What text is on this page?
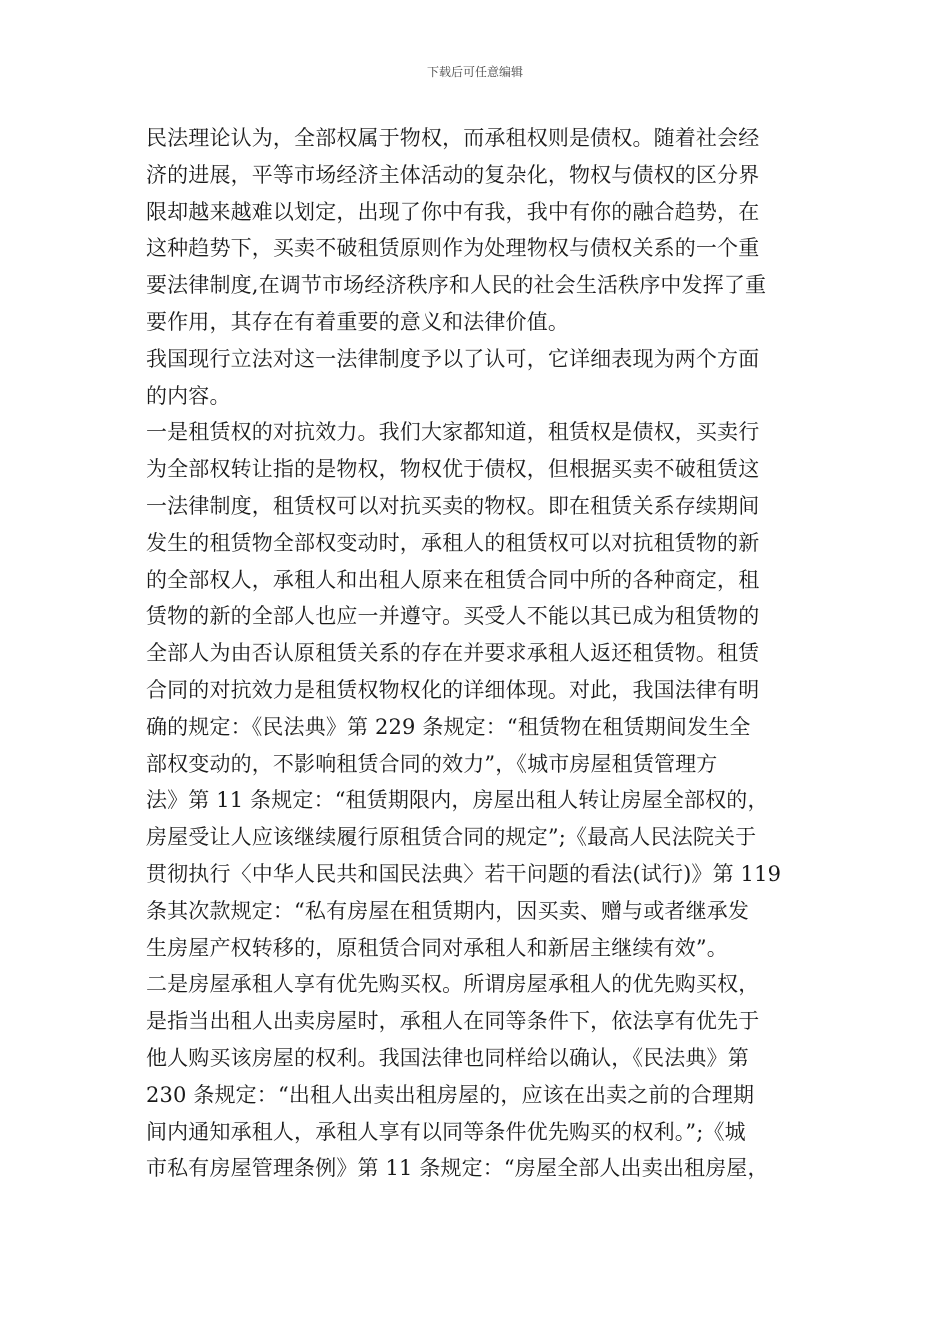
下载后可任意编辑
民法理论认为，全部权属于物权，而承租权则是债权。随着社会经
济的进展，平等市场经济主体活动的复杂化，物权与债权的区分界
限却越来越难以划定，出现了你中有我，我中有你的融合趋势，在
这种趋势下，买卖不破租赁原则作为处理物权与债权关系的一个重
要法律制度,在调节市场经济秩序和人民的社会生活秩序中发挥了重
要作用，其存在有着重要的意义和法律价值。
我国现行立法对这一法律制度予以了认可，它详细表现为两个方面
的内容。
一是租赁权的对抗效力。我们大家都知道，租赁权是债权，买卖行
为全部权转让指的是物权，物权优于债权，但根据买卖不破租赁这
一法律制度，租赁权可以对抗买卖的物权。即在租赁关系存续期间
发生的租赁物全部权变动时，承租人的租赁权可以对抗租赁物的新
的全部权人，承租人和出租人原来在租赁合同中所的各种商定，租
赁物的新的全部人也应一并遵守。买受人不能以其已成为租赁物的
全部人为由否认原租赁关系的存在并要求承租人返还租赁物。租赁
合同的对抗效力是租赁权物权化的详细体现。对此，我国法律有明
确的规定：《民法典》第 229 条规定：“租赁物在租赁期间发生全
部权变动的，不影响租赁合同的效力”，《城市房屋租赁管理方
法》第 11 条规定：“租赁期限内，房屋出租人转让房屋全部权的，
房屋受让人应该继续履行原租赁合同的规定”;《最高人民法院关于
贯彻执行〈中华人民共和国民法典〉若干问题的看法(试行)》第 119
条其次款规定：“私有房屋在租赁期内，因买卖、赠与或者继承发
生房屋产权转移的，原租赁合同对承租人和新居主继续有效”。
二是房屋承租人享有优先购买权。所谓房屋承租人的优先购买权，
是指当出租人出卖房屋时，承租人在同等条件下，依法享有优先于
他人购买该房屋的权利。我国法律也同样给以确认，《民法典》第
230 条规定：“出租人出卖出租房屋的，应该在出卖之前的合理期
间内通知承租人，承租人享有以同等条件优先购买的权利。”;《城
市私有房屋管理条例》第 11 条规定：“房屋全部人出卖出租房屋，
